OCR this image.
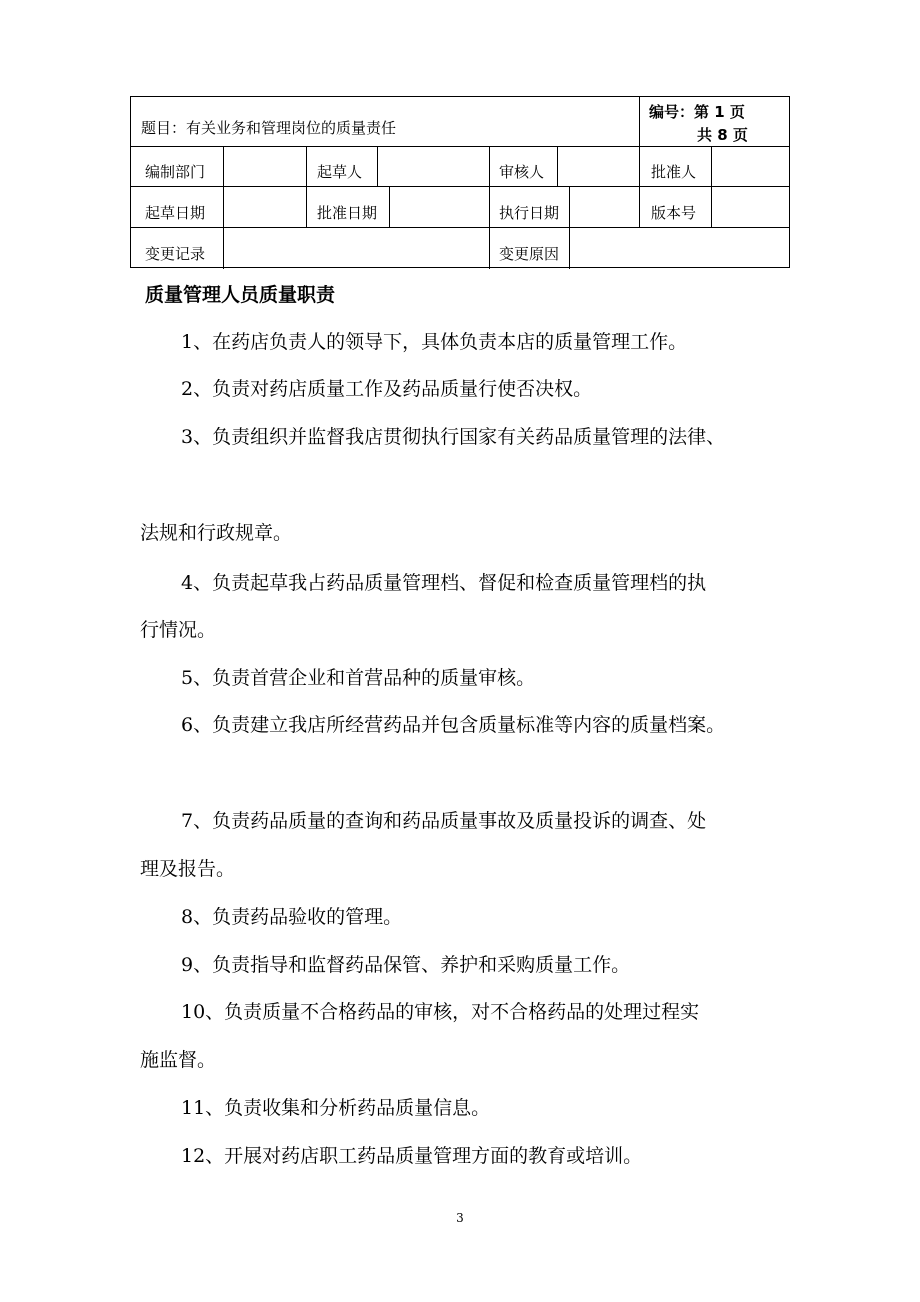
题目：有关业务和管理岗位的质量责任
编号：第 1 页
共 8 页
编制部门	起草人	审核人	批准人
起草日期	批准日期	执行日期	版本号
变更记录	变更原因
质量管理人员质量职责
1、在药店负责人的领导下，具体负责本店的质量管理工作。
2、负责对药店质量工作及药品质量行使否决权。
3、负责组织并监督我店贯彻执行国家有关药品质量管理的法律、
法规和行政规章。
4、负责起草我占药品质量管理档、督促和检查质量管理档的执
行情况。
5、负责首营企业和首营品种的质量审核。
6、负责建立我店所经营药品并包含质量标准等内容的质量档案。
7、负责药品质量的查询和药品质量事故及质量投诉的调查、处
理及报告。
8、负责药品验收的管理。
9、负责指导和监督药品保管、养护和采购质量工作。
10、负责质量不合格药品的审核，对不合格药品的处理过程实
施监督。
11、负责收集和分析药品质量信息。
12、开展对药店职工药品质量管理方面的教育或培训。
3
